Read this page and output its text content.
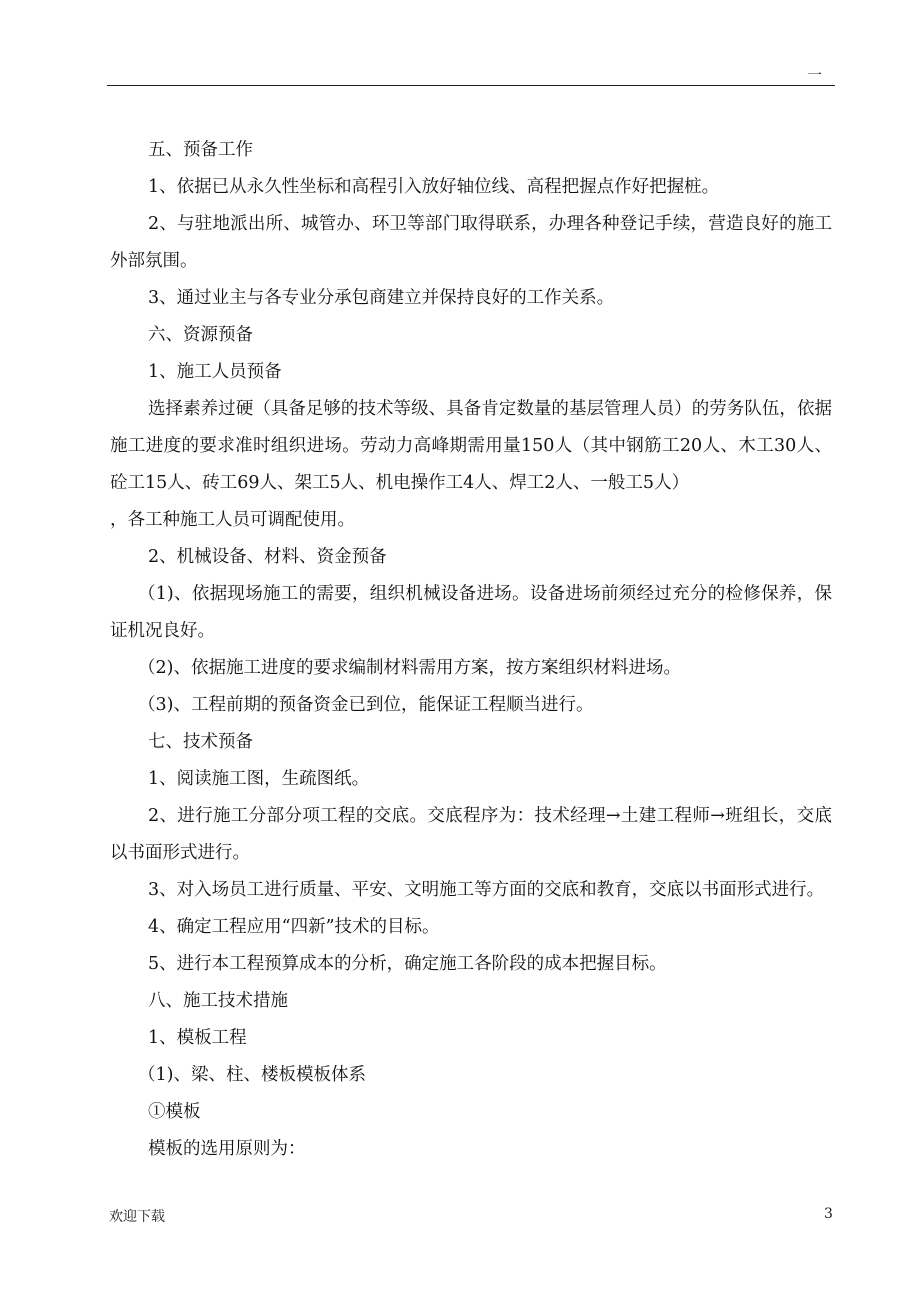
一

五、预备工作

1、依据已从永久性坐标和高程引入放好轴位线、高程把握点作好把握桩。

2、与驻地派出所、城管办、环卫等部门取得联系，办理各种登记手续，营造良好的施工外部氛围。

3、通过业主与各专业分承包商建立并保持良好的工作关系。

六、资源预备

1、施工人员预备

选择素养过硬（具备足够的技术等级、具备肯定数量的基层管理人员）的劳务队伍，依据施工进度的要求准时组织进场。劳动力高峰期需用量150人（其中钢筋工20人、木工30人、砼工15人、砖工69人、架工5人、机电操作工4人、焊工2人、一般工5人）

，各工种施工人员可调配使用。

2、机械设备、材料、资金预备

（1)、依据现场施工的需要，组织机械设备进场。设备进场前须经过充分的检修保养，保证机况良好。

（2)、依据施工进度的要求编制材料需用方案，按方案组织材料进场。

（3)、工程前期的预备资金已到位，能保证工程顺当进行。

七、技术预备

1、阅读施工图，生疏图纸。

2、进行施工分部分项工程的交底。交底程序为：技术经理→土建工程师→班组长，交底以书面形式进行。

3、对入场员工进行质量、平安、文明施工等方面的交底和教育，交底以书面形式进行。

4、确定工程应用“四新”技术的目标。

5、进行本工程预算成本的分析，确定施工各阶段的成本把握目标。

八、施工技术措施

1、模板工程

（1)、梁、柱、楼板模板体系

①模板

模板的选用原则为：

欢迎下载	3
